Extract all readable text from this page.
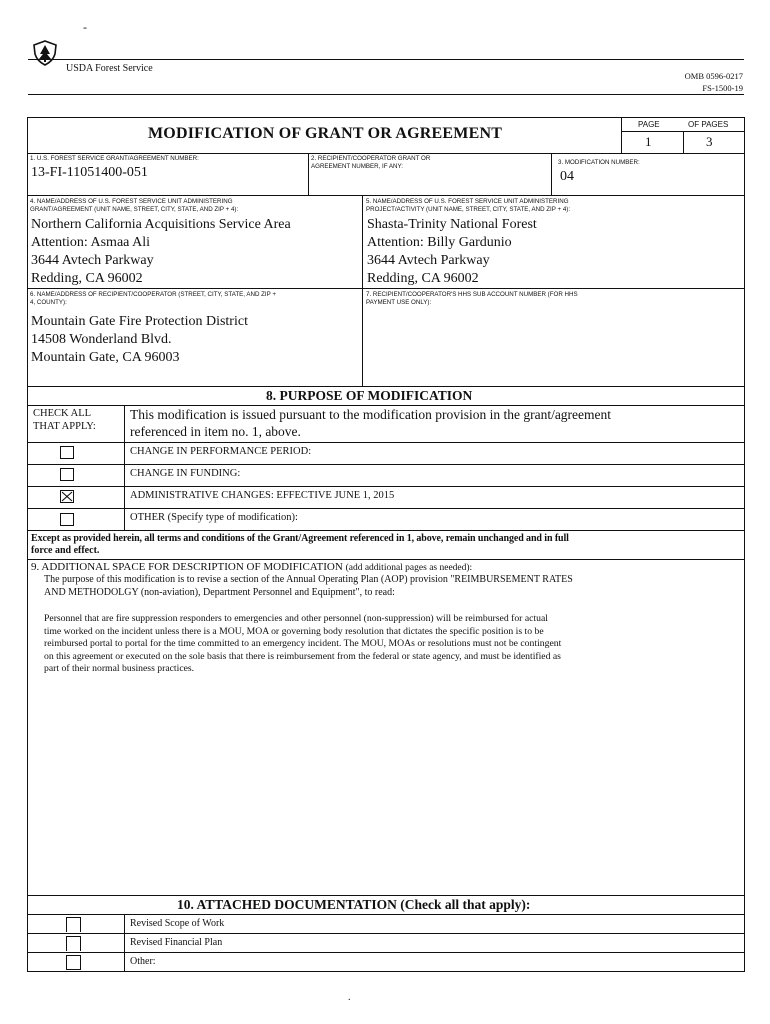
-
USDA Forest Service
OMB 0596-0217
FS-1500-19
MODIFICATION OF GRANT OR AGREEMENT
PAGE	OF PAGES
1	3
1. U.S. FOREST SERVICE GRANT/AGREEMENT NUMBER:
13-FI-11051400-051
2. RECIPIENT/COOPERATOR GRANT OR
AGREEMENT NUMBER, IF ANY:
3. MODIFICATION NUMBER:
04
4. NAME/ADDRESS OF U.S. FOREST SERVICE UNIT ADMINISTERING
GRANT/AGREEMENT (UNIT NAME, STREET, CITY, STATE, AND ZIP + 4):
Northern California Acquisitions Service Area
Attention: Asmaa Ali
3644 Avtech Parkway
Redding, CA 96002
5. NAME/ADDRESS OF U.S. FOREST SERVICE UNIT ADMINISTERING
PROJECT/ACTIVITY (UNIT NAME, STREET, CITY, STATE, AND ZIP + 4):
Shasta-Trinity National Forest
Attention: Billy Gardunio
3644 Avtech Parkway
Redding, CA 96002
6. NAME/ADDRESS OF RECIPIENT/COOPERATOR (STREET, CITY, STATE, AND ZIP +
4, COUNTY):
Mountain Gate Fire Protection District
14508 Wonderland Blvd.
Mountain Gate, CA 96003
7. RECIPIENT/COOPERATOR'S HHS SUB ACCOUNT NUMBER (FOR HHS
PAYMENT USE ONLY):
8. PURPOSE OF MODIFICATION
CHECK ALL
THAT APPLY:
This modification is issued pursuant to the modification provision in the grant/agreement
referenced in item no. 1, above.
CHANGE IN PERFORMANCE PERIOD:
CHANGE IN FUNDING:
ADMINISTRATIVE CHANGES: EFFECTIVE JUNE 1, 2015
OTHER (Specify type of modification):
Except as provided herein, all terms and conditions of the Grant/Agreement referenced in 1, above, remain unchanged and in full
force and effect.
9. ADDITIONAL SPACE FOR DESCRIPTION OF MODIFICATION (add additional pages as needed):
The purpose of this modification is to revise a section of the Annual Operating Plan (AOP) provision "REIMBURSEMENT RATES
AND METHODOLGY (non-aviation), Department Personnel and Equipment", to read:
Personnel that are fire suppression responders to emergencies and other personnel (non-suppression) will be reimbursed for actual
time worked on the incident unless there is a MOU, MOA or governing body resolution that dictates the specific position is to be
reimbursed portal to portal for the time committed to an emergency incident. The MOU, MOAs or resolutions must not be contingent
on this agreement or executed on the sole basis that there is reimbursement from the federal or state agency, and must be identified as
part of their normal business practices.
10. ATTACHED DOCUMENTATION (Check all that apply):
Revised Scope of Work
Revised Financial Plan
Other:
.
